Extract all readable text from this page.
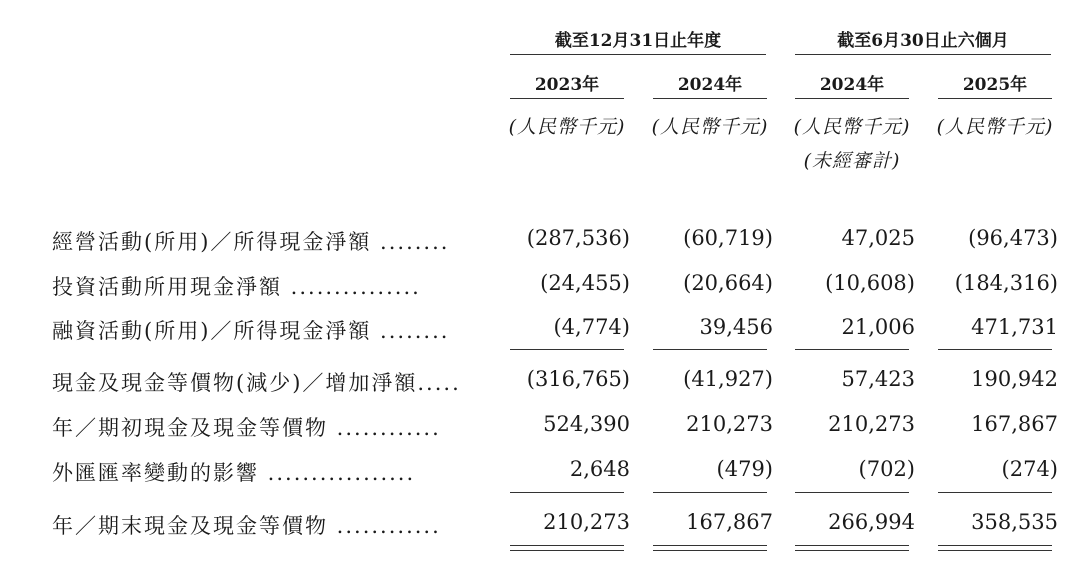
截至12月31日止年度	截至6月30日止六個月
2023年	2024年	2024年	2025年
(人民幣千元)	(人民幣千元)	(人民幣千元)	(人民幣千元)
(未經審計)
經營活動(所用)／所得現金淨額 ........	(287,536)	(60,719)	47,025	(96,473)
投資活動所用現金淨額 ...............	(24,455)	(20,664)	(10,608)	(184,316)
融資活動(所用)／所得現金淨額 ........	(4,774)	39,456	21,006	471,731
現金及現金等價物(減少)／增加淨額.....	(316,765)	(41,927)	57,423	190,942
年／期初現金及現金等價物 ............	524,390	210,273	210,273	167,867
外匯匯率變動的影響 .................	2,648	(479)	(702)	(274)
年／期末現金及現金等價物 ............	210,273	167,867	266,994	358,535
